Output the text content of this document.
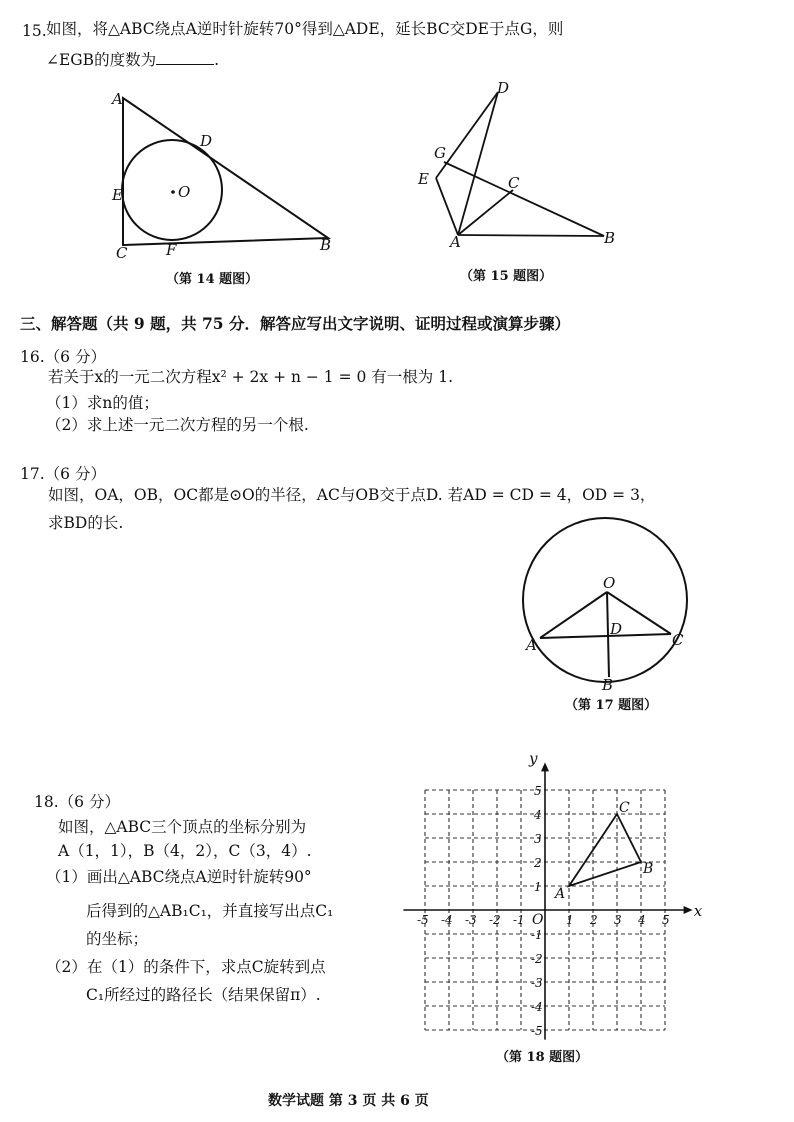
15. 如图，将△ABC绕点A逆时针旋转70°得到△ADE，延长BC交DE于点G，则
∠EGB的度数为	.
A
D
E	O
F
C	B
（第 14 题图）
D
G
E	C
A	B
（第 15 题图）
三、解答题（共 9 题，共 75 分．解答应写出文字说明、证明过程或演算步骤）
16.（6 分）
若关于x的一元二次方程x² + 2x + n − 1 = 0 有一根为 1.
（1）求n的值；
（2）求上述一元二次方程的另一个根.
17.（6 分）
如图，OA，OB，OC都是⊙O的半径，AC与OB交于点D. 若AD = CD = 4，OD = 3，
求BD的长.
O
D
A	C
B
（第 17 题图）
18.（6 分）
如图，△ABC三个顶点的坐标分别为
A（1，1），B（4，2），C（3，4）.
（1）画出△ABC绕点A逆时针旋转90°
后得到的△AB₁C₁，并直接写出点C₁
的坐标；
（2）在（1）的条件下，求点C旋转到点
C₁所经过的路径长（结果保留π）.
x
y
O
-5 -4 -3 -2 -1	1 2 3 4 5
5
4
3
2
1
-1
-2
-3
-4
-5
A
B
C
（第 18 题图）
数学试题 第 3 页 共 6 页
